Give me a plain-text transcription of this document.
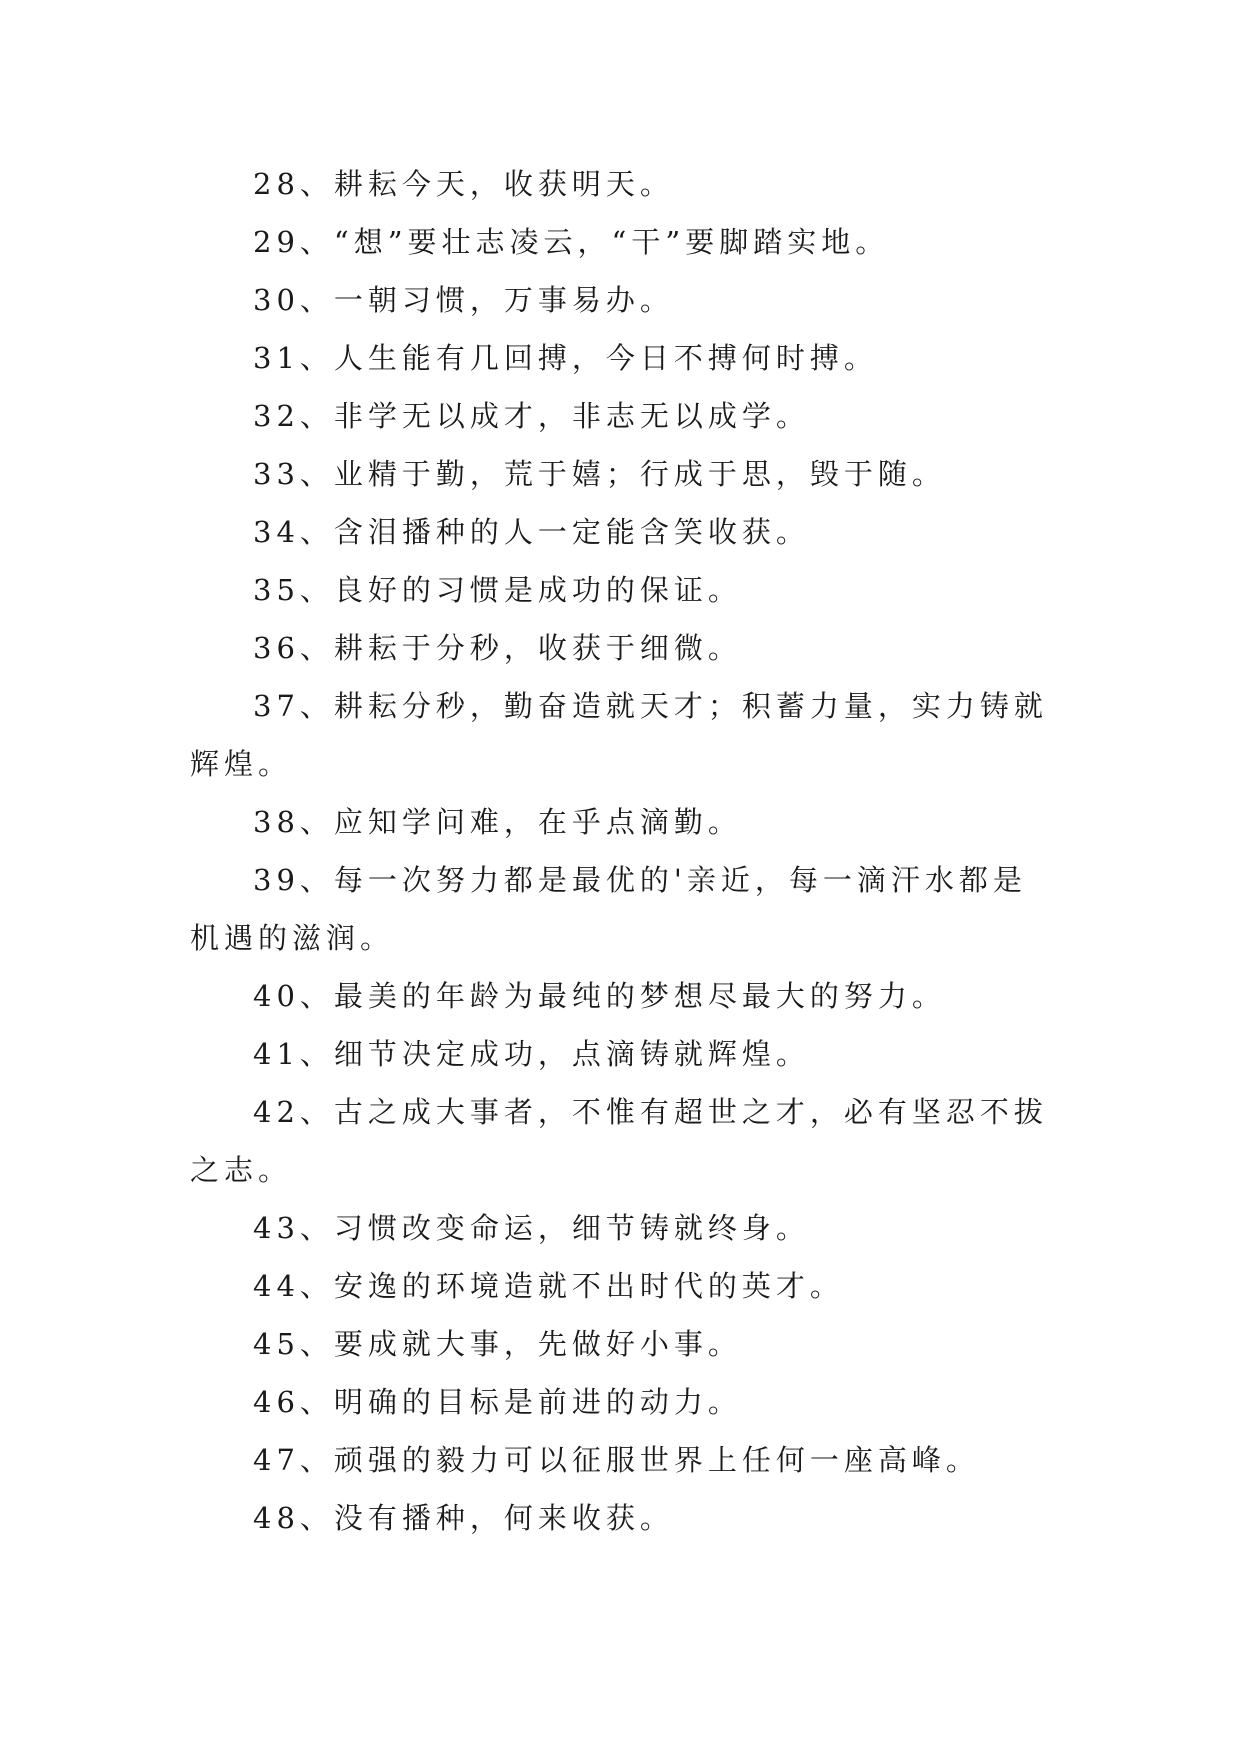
28、耕耘今天，收获明天。

29、“想”要壮志凌云，“干”要脚踏实地。

30、一朝习惯，万事易办。

31、人生能有几回搏，今日不搏何时搏。

32、非学无以成才，非志无以成学。

33、业精于勤，荒于嬉；行成于思，毁于随。

34、含泪播种的人一定能含笑收获。

35、良好的习惯是成功的保证。

36、耕耘于分秒，收获于细微。

37、耕耘分秒，勤奋造就天才；积蓄力量，实力铸就辉煌。

38、应知学问难，在乎点滴勤。

39、每一次努力都是最优的'亲近，每一滴汗水都是机遇的滋润。

40、最美的年龄为最纯的梦想尽最大的努力。

41、细节决定成功，点滴铸就辉煌。

42、古之成大事者，不惟有超世之才，必有坚忍不拔之志。

43、习惯改变命运，细节铸就终身。

44、安逸的环境造就不出时代的英才。

45、要成就大事，先做好小事。

46、明确的目标是前进的动力。

47、顽强的毅力可以征服世界上任何一座高峰。

48、没有播种，何来收获。
